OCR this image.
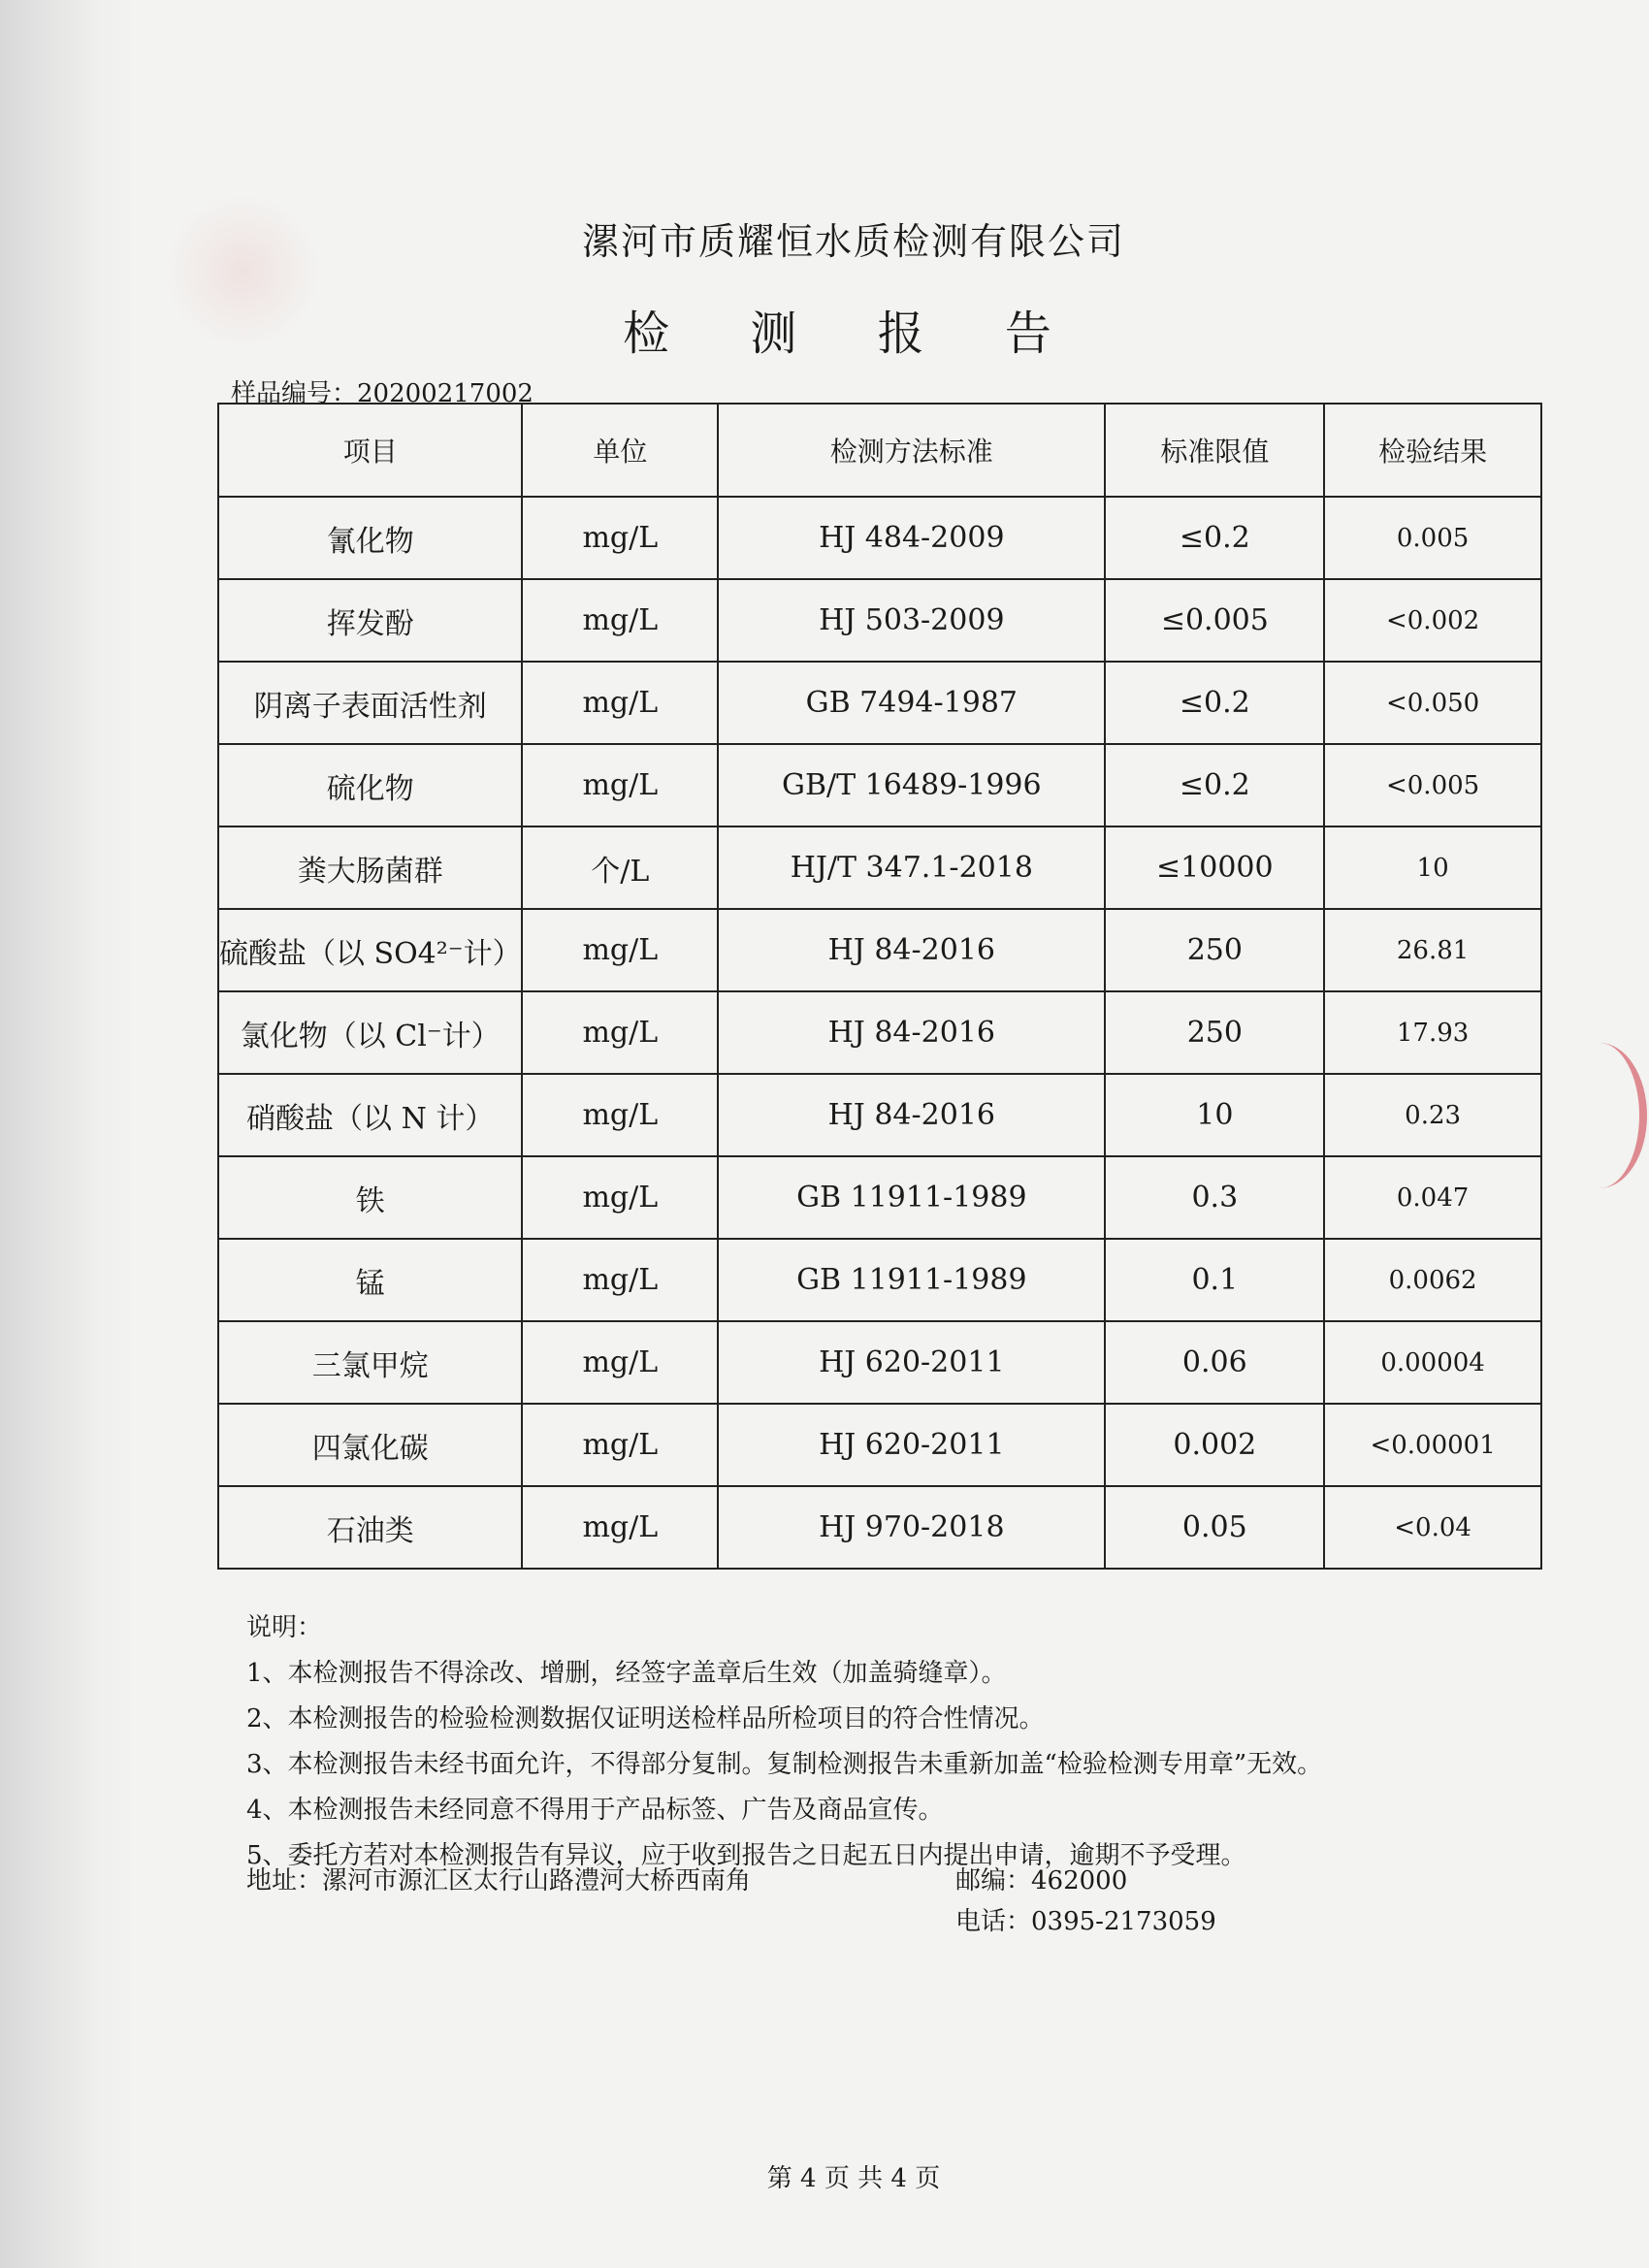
漯河市质耀恒水质检测有限公司
检 测 报 告
样品编号：20200217002
项目	单位	检测方法标准	标准限值	检验结果
氰化物	mg/L	HJ 484-2009	≤0.2	0.005
挥发酚	mg/L	HJ 503-2009	≤0.005	<0.002
阴离子表面活性剂	mg/L	GB 7494-1987	≤0.2	<0.050
硫化物	mg/L	GB/T 16489-1996	≤0.2	<0.005
粪大肠菌群	个/L	HJ/T 347.1-2018	≤10000	10
硫酸盐（以 SO4²⁻计）	mg/L	HJ 84-2016	250	26.81
氯化物（以 Cl⁻计）	mg/L	HJ 84-2016	250	17.93
硝酸盐（以 N 计）	mg/L	HJ 84-2016	10	0.23
铁	mg/L	GB 11911-1989	0.3	0.047
锰	mg/L	GB 11911-1989	0.1	0.0062
三氯甲烷	mg/L	HJ 620-2011	0.06	0.00004
四氯化碳	mg/L	HJ 620-2011	0.002	<0.00001
石油类	mg/L	HJ 970-2018	0.05	<0.04
说明：
1、本检测报告不得涂改、增删，经签字盖章后生效（加盖骑缝章）。
2、本检测报告的检验检测数据仅证明送检样品所检项目的符合性情况。
3、本检测报告未经书面允许，不得部分复制。复制检测报告未重新加盖“检验检测专用章”无效。
4、本检测报告未经同意不得用于产品标签、广告及商品宣传。
5、委托方若对本检测报告有异议，应于收到报告之日起五日内提出申请，逾期不予受理。
地址：漯河市源汇区太行山路澧河大桥西南角	邮编：462000
电话：0395-2173059
第 4 页 共 4 页
